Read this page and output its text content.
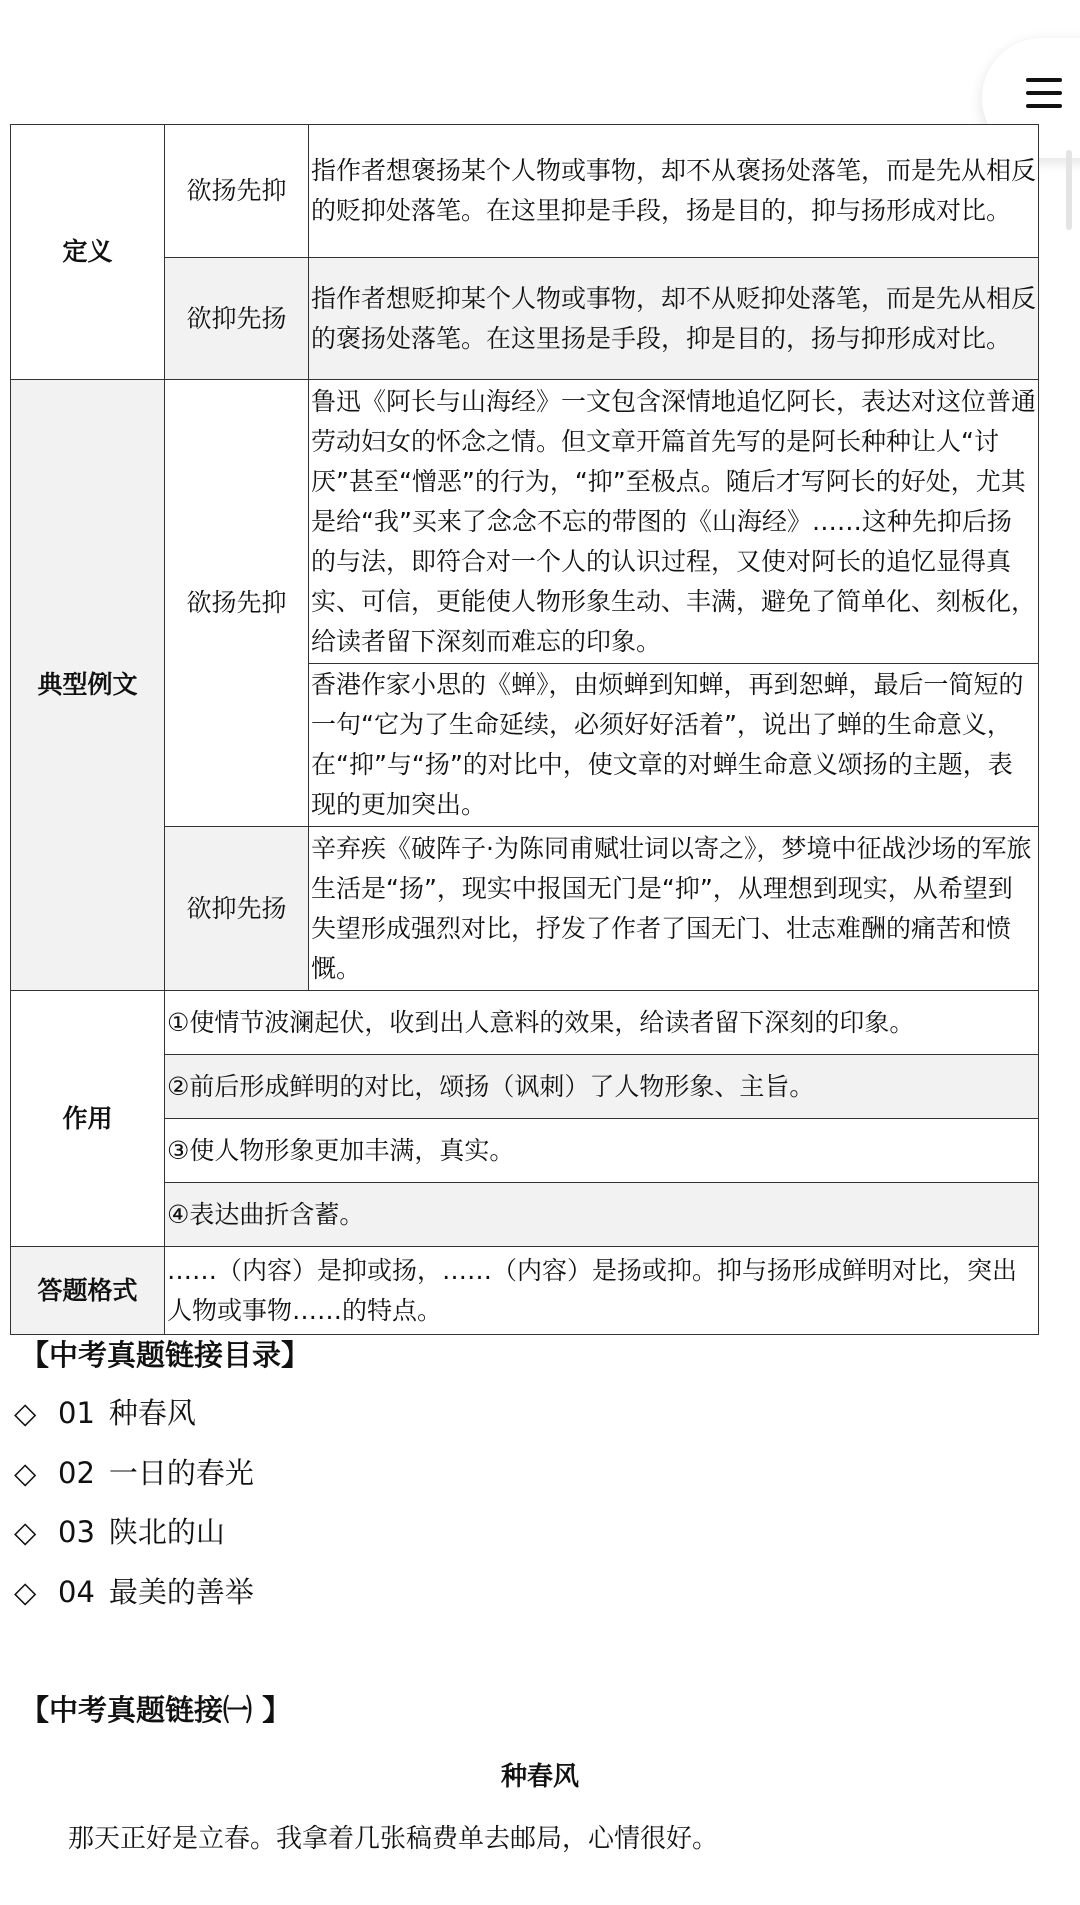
定义	欲扬先抑	指作者想褒扬某个人物或事物，却不从褒扬处落笔，而是先从相反的贬抑处落笔。在这里抑是手段，扬是目的，抑与扬形成对比。
	欲抑先扬	指作者想贬抑某个人物或事物，却不从贬抑处落笔，而是先从相反的褒扬处落笔。在这里扬是手段，抑是目的，扬与抑形成对比。
典型例文	欲扬先抑	鲁迅《阿长与山海经》一文包含深情地追忆阿长，表达对这位普通劳动妇女的怀念之情。但文章开篇首先写的是阿长种种让人“讨厌”甚至“憎恶”的行为，“抑”至极点。随后才写阿长的好处，尤其是给“我”买来了念念不忘的带图的《山海经》……这种先抑后扬的与法，即符合对一个人的认识过程，又使对阿长的追忆显得真实、可信，更能使人物形象生动、丰满，避免了简单化、刻板化，给读者留下深刻而难忘的印象。
		香港作家小思的《蝉》，由烦蝉到知蝉，再到恕蝉，最后一简短的一句“它为了生命延续，必须好好活着”，说出了蝉的生命意义，在“抑”与“扬”的对比中，使文章的对蝉生命意义颂扬的主题，表现的更加突出。
	欲抑先扬	辛弃疾《破阵子·为陈同甫赋壮词以寄之》，梦境中征战沙场的军旅生活是“扬”，现实中报国无门是“抑”，从理想到现实，从希望到失望形成强烈对比，抒发了作者了国无门、壮志难酬的痛苦和愤慨。
作用	①使情节波澜起伏，收到出人意料的效果，给读者留下深刻的印象。	
	②前后形成鲜明的对比，颂扬（讽刺）了人物形象、主旨。	
	③使人物形象更加丰满，真实。	
	④表达曲折含蓄。	
答题格式	……（内容）是抑或扬，……（内容）是扬或抑。抑与扬形成鲜明对比，突出人物或事物……的特点。	

【中考真题链接目录】

◇ 01 种春风

◇ 02 一日的春光

◇ 03 陕北的山

◇ 04 最美的善举

【中考真题链接㈠ 】

种春风

那天正好是立春。我拿着几张稿费单去邮局，心情很好。
